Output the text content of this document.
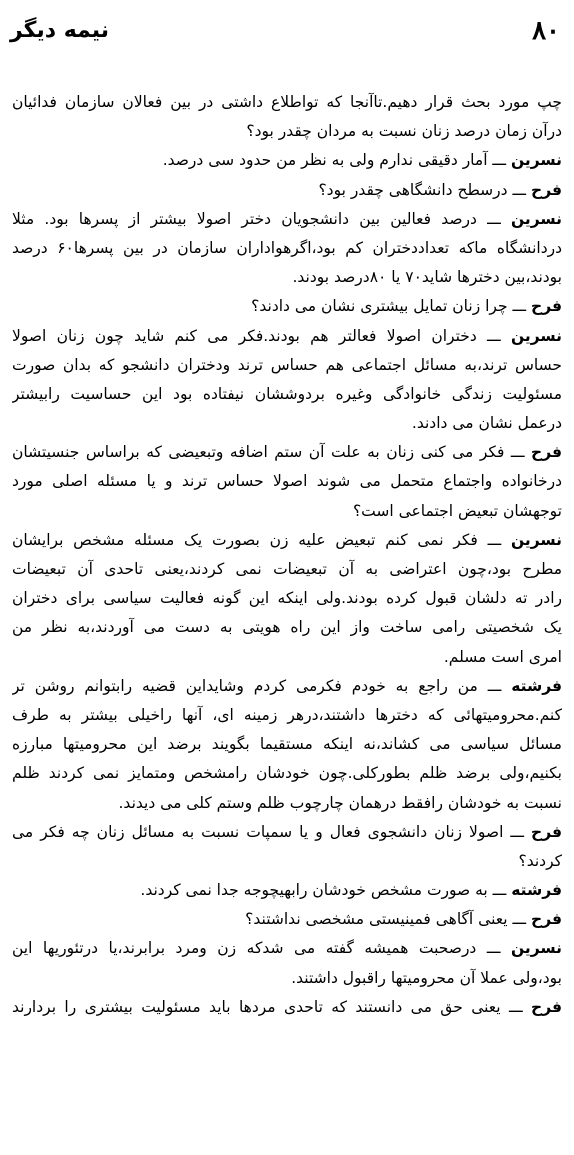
۸۰
نیمه دیگر
چپ مورد بحث قرار دهیم.تاآنجا که تواطلاع داشتی در بین فعالان سازمان فدائیان
درآن زمان درصد زنان نسبت به مردان چقدر بود؟
نسرین ـــ آمار دقیقی ندارم ولی به نظر من حدود سی درصد.
فرح ـــ درسطح دانشگاهی چقدر بود؟
نسرین ـــ درصد فعالین بین دانشجویان دختر اصولا بیشتر از پسرها بود. مثلا
دردانشگاه ماکه تعداددختران کم بود،اگرهواداران سازمان در بین پسرها۶۰ درصد
بودند،بین دخترها شاید۷۰ یا ۸۰درصد بودند.
فرح ـــ چرا زنان تمایل بیشتری نشان می دادند؟
نسرین ـــ دختران اصولا فعالتر هم بودند.فکر می کنم شاید چون زنان اصولا
حساس ترند،به مسائل اجتماعی هم حساس ترند ودختران دانشجو که بدان صورت
مسئولیت زندگی خانوادگی وغیره بردوششان نیفتاده بود این حساسیت رابیشتر
درعمل نشان می دادند.
فرح ـــ فکر می کنی زنان به علت آن ستم اضافه وتبعیضی که براساس جنسیتشان
درخانواده واجتماع متحمل می شوند اصولا حساس ترند و یا مسئله اصلی مورد
توجهشان تبعیض اجتماعی است؟
نسرین ـــ فکر نمی کنم تبعیض علیه زن بصورت یک مسئله مشخص برایشان
مطرح بود،چون اعتراضی به آن تبعیضات نمی کردند،یعنی تاحدی آن تبعیضات
رادر ته دلشان قبول کرده بودند.ولی اینکه این گونه فعالیت سیاسی برای دختران
یک شخصیتی رامی ساخت واز این راه هویتی به دست می آوردند،به نظر من
امری است مسلم.
فرشته ـــ من راجع به خودم فکرمی کردم وشایداین قضیه رابتوانم روشن تر
کنم.محرومیتهائی که دخترها داشتند،درهر زمینه ای، آنها راخیلی بیشتر به طرف
مسائل سیاسی می کشاند،نه اینکه مستقیما بگویند برضد این محرومیتها مبارزه
بکنیم،ولی برضد ظلم بطورکلی.چون خودشان رامشخص ومتمایز نمی کردند ظلم
نسبت به خودشان رافقط درهمان چارچوب ظلم وستم کلی می دیدند.
فرح ـــ اصولا زنان دانشجوی فعال و یا سمپات نسبت به مسائل زنان چه فکر می
کردند؟
فرشته ـــ به صورت مشخص خودشان رابهیچوجه جدا نمی کردند.
فرح ـــ یعنی آگاهی فمینیستی مشخصی نداشتند؟
نسرین ـــ درصحبت همیشه گفته می شدکه زن ومرد برابرند،یا درتئوریها این
بود،ولی عملا آن محرومیتها راقبول داشتند.
فرح ـــ یعنی حق می دانستند که تاحدی مردها باید مسئولیت بیشتری را بردارند
